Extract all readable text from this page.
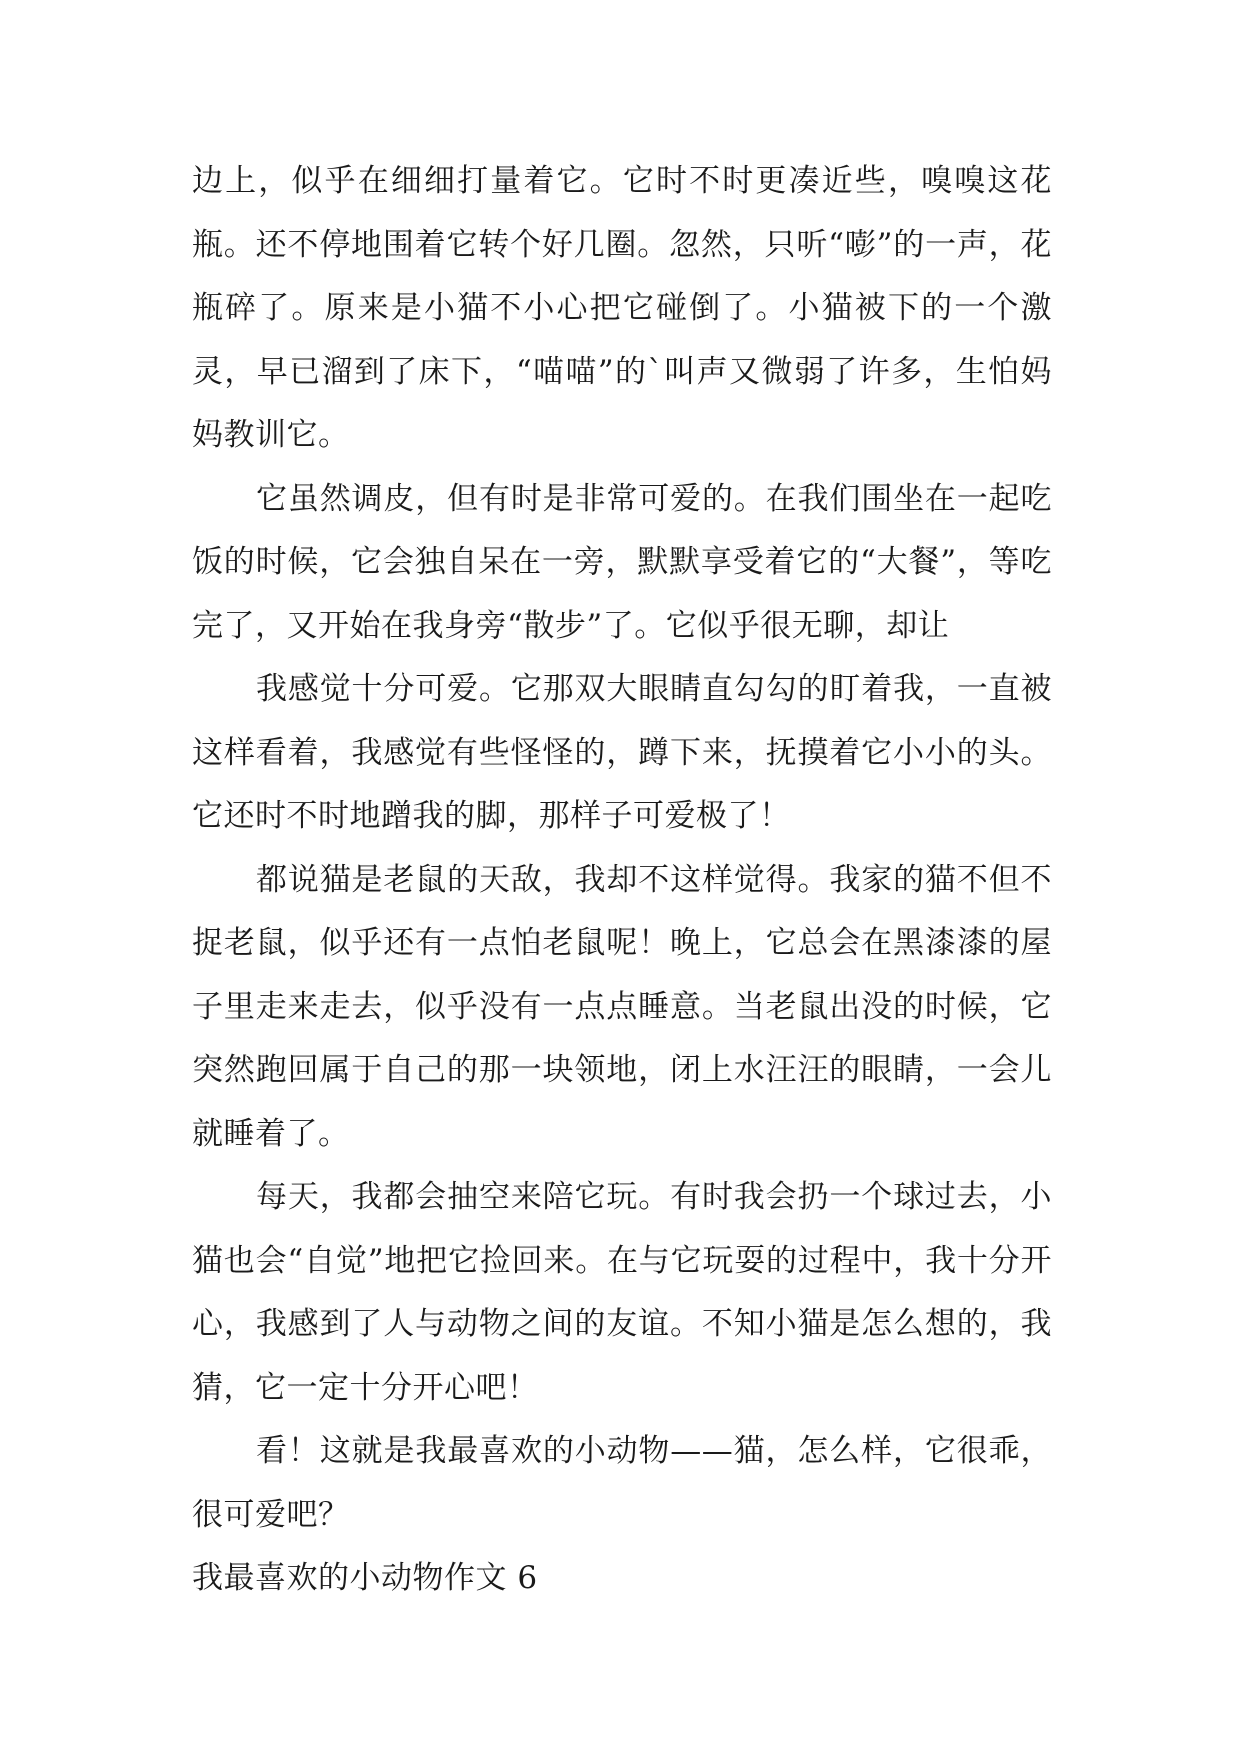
边上，似乎在细细打量着它。它时不时更凑近些，嗅嗅这花瓶。还不停地围着它转个好几圈。忽然，只听“嘭”的一声，花瓶碎了。原来是小猫不小心把它碰倒了。小猫被下的一个激灵，早已溜到了床下，“喵喵”的`叫声又微弱了许多，生怕妈妈教训它。

它虽然调皮，但有时是非常可爱的。在我们围坐在一起吃饭的时候，它会独自呆在一旁，默默享受着它的“大餐”，等吃完了，又开始在我身旁“散步”了。它似乎很无聊，却让

我感觉十分可爱。它那双大眼睛直勾勾的盯着我，一直被这样看着，我感觉有些怪怪的，蹲下来，抚摸着它小小的头。它还时不时地蹭我的脚，那样子可爱极了！

都说猫是老鼠的天敌，我却不这样觉得。我家的猫不但不捉老鼠，似乎还有一点怕老鼠呢！晚上，它总会在黑漆漆的屋子里走来走去，似乎没有一点点睡意。当老鼠出没的时候，它突然跑回属于自己的那一块领地，闭上水汪汪的眼睛，一会儿就睡着了。

每天，我都会抽空来陪它玩。有时我会扔一个球过去，小猫也会“自觉”地把它捡回来。在与它玩耍的过程中，我十分开心，我感到了人与动物之间的友谊。不知小猫是怎么想的，我猜，它一定十分开心吧！

看！这就是我最喜欢的小动物——猫，怎么样，它很乖，很可爱吧？

我最喜欢的小动物作文 6
